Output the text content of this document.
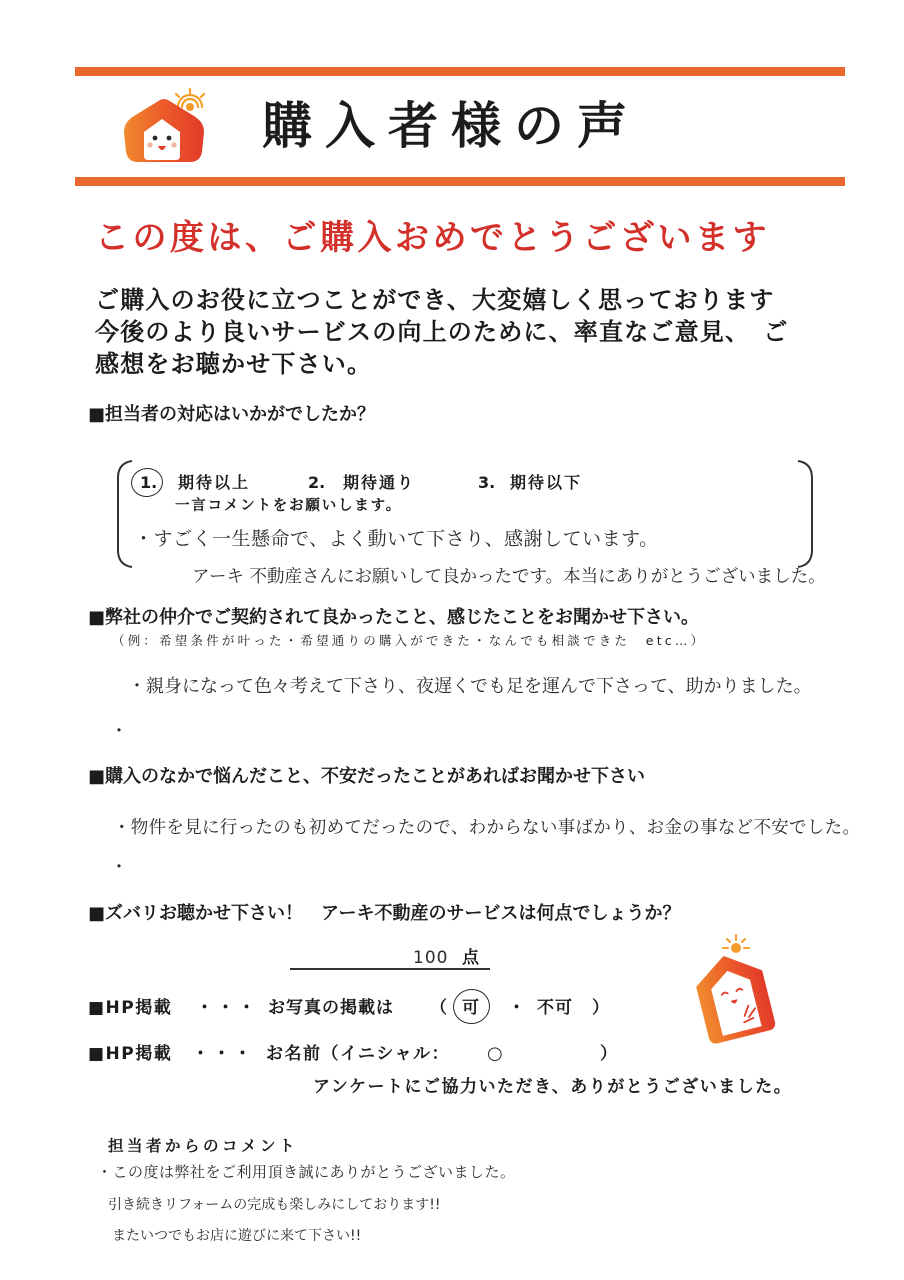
購入者様の声
この度は、ご購入おめでとうございます
ご購入のお役に立つことができ、大変嬉しく思っております
今後のより良いサービスの向上のために、率直なご意見、　ご
感想をお聴かせ下さい。
■担当者の対応はいかがでしたか？
1.	期待以上	2.	期待通り	3. 期待以下
一言コメントをお願いします。
・すごく一生懸命で、よく動いて下さり、感謝しています。
アーキ 不動産さんにお願いして良かったです。本当にありがとうございました。
■弊社の仲介でご契約されて良かったこと、感じたことをお聞かせ下さい。
（例：希望条件が叶った・希望通りの購入ができた・なんでも相談できた　etc…）
・親身になって色々考えて下さり、夜遅くでも足を運んで下さって、助かりました。
・
■購入のなかで悩んだこと、不安だったことがあればお聞かせ下さい
・物件を見に行ったのも初めてだったので、わからない事ばかり、お金の事など不安でした。
・
■ズバリお聴かせ下さい！　アーキ不動産のサービスは何点でしょうか？
100 点
■HP掲載	・・・ お写真の掲載は	（ 可 ・ 不可	）
■HP掲載	・・・ お名前（イニシャル：	○	）
アンケートにご協力いただき、ありがとうございました。
担当者からのコメント
・この度は弊社をご利用頂き誠にありがとうございました。
引き続きリフォームの完成も楽しみにしております!!
またいつでもお店に遊びに来て下さい!!
